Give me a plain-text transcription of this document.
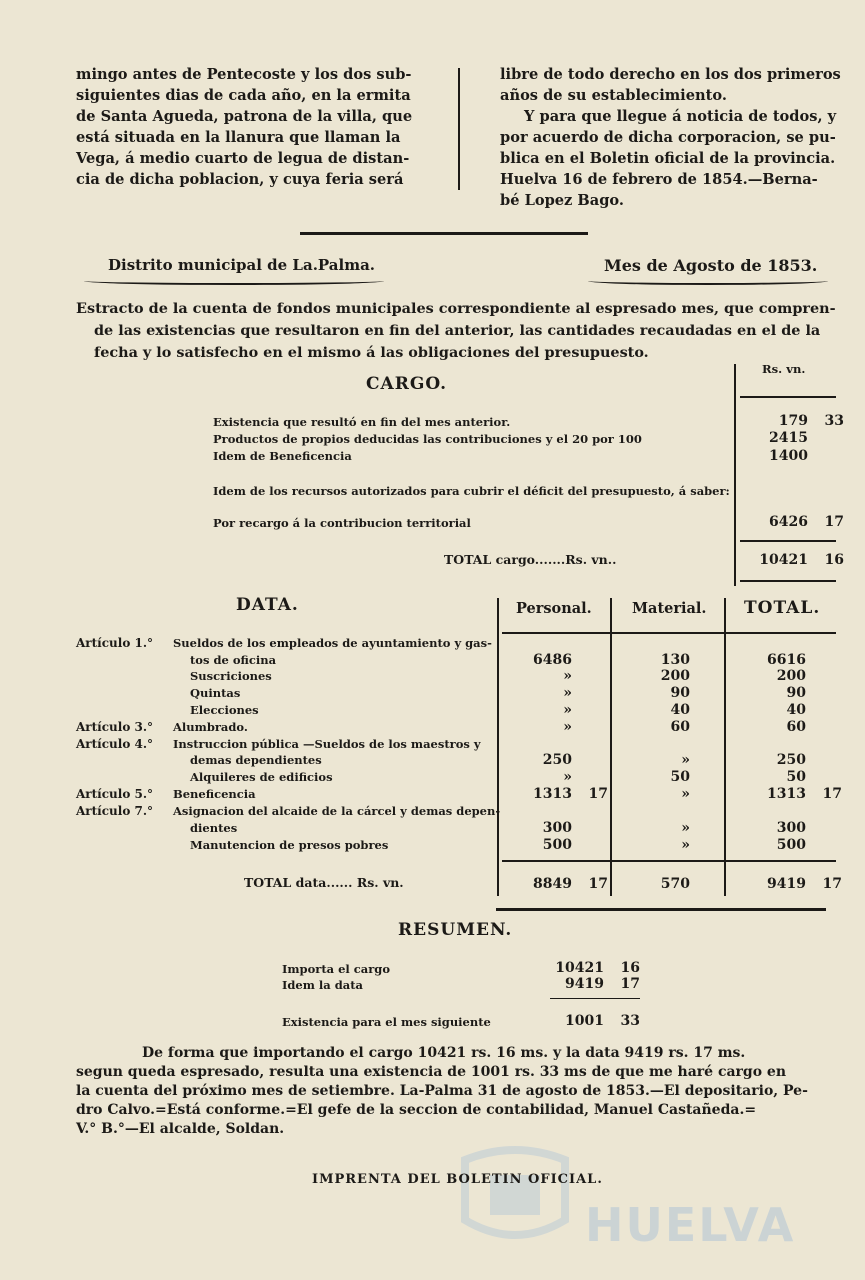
HUELVA

mingo antes de Pentecoste y los dos sub-

siguientes dias de cada año, en la ermita

de Santa Agueda, patrona de la villa, que

está situada en la llanura que llaman la

Vega, á medio cuarto de legua de distan-

cia de dicha poblacion, y cuya feria será

libre de todo derecho en los dos primeros

años de su establecimiento.

Y para que llegue á noticia de todos, y

por acuerdo de dicha corporacion, se pu-

blica en el Boletin oficial de la provincia.

Huelva 16 de febrero de 1854.—Berna-

bé Lopez Bago.

Distrito municipal de La.Palma.	Mes de Agosto de 1853.
Estracto de la cuenta de fondos municipales correspondiente al espresado mes, que compren-
de las existencias que resultaron en fin del anterior, las cantidades recaudadas en el de la
fecha y lo satisfecho en el mismo á las obligaciones del presupuesto.
CARGO.
Rs. vn.
Existencia que resultó en fin del mes anterior.	179	33
Productos de propios deducidas las contribuciones y el 20 por 100	2415
Idem de Beneficencia	1400
Idem de los recursos autorizados para cubrir el déficit del presupuesto, á saber:
Por recargo á la contribucion territorial	6426	17
TOTAL cargo.......Rs. vn..	10421	16
DATA.	Personal.	Material. TOTAL.
Artículo 1.° Sueldos de los empleados de ayuntamiento y gas-
tos de oficina	6486	130	6616
Suscriciones	»	200	200
Quintas	»	90	90
Elecciones	»	40	40
Artículo 3.° Alumbrado.	»	60	60
Artículo 4.° Instruccion pública —Sueldos de los maestros y
demas dependientes	250	»	250
Alquileres de edificios	»	50	50
Artículo 5.° Beneficencia	1313 17	»	1313 17
Artículo 7.° Asignacion del alcaide de la cárcel y demas depen-
dientes	300	»	300
Manutencion de presos pobres	500	»	500
TOTAL data...... Rs. vn.	8849 17	570	9419 17
RESUMEN.
Importa el cargo	10421	16
Idem la data	9419	17
Existencia para el mes siguiente	1001	33
De forma que importando el cargo 10421 rs. 16 ms. y la data 9419 rs. 17 ms.
segun queda espresado, resulta una existencia de 1001 rs. 33 ms de que me haré cargo en
la cuenta del próximo mes de setiembre. La-Palma 31 de agosto de 1853.—El depositario, Pe-
dro Calvo.=Está conforme.=El gefe de la seccion de contabilidad, Manuel Castañeda.=
V.° B.°—El alcalde, Soldan.
IMPRENTA DEL BOLETIN OFICIAL.
